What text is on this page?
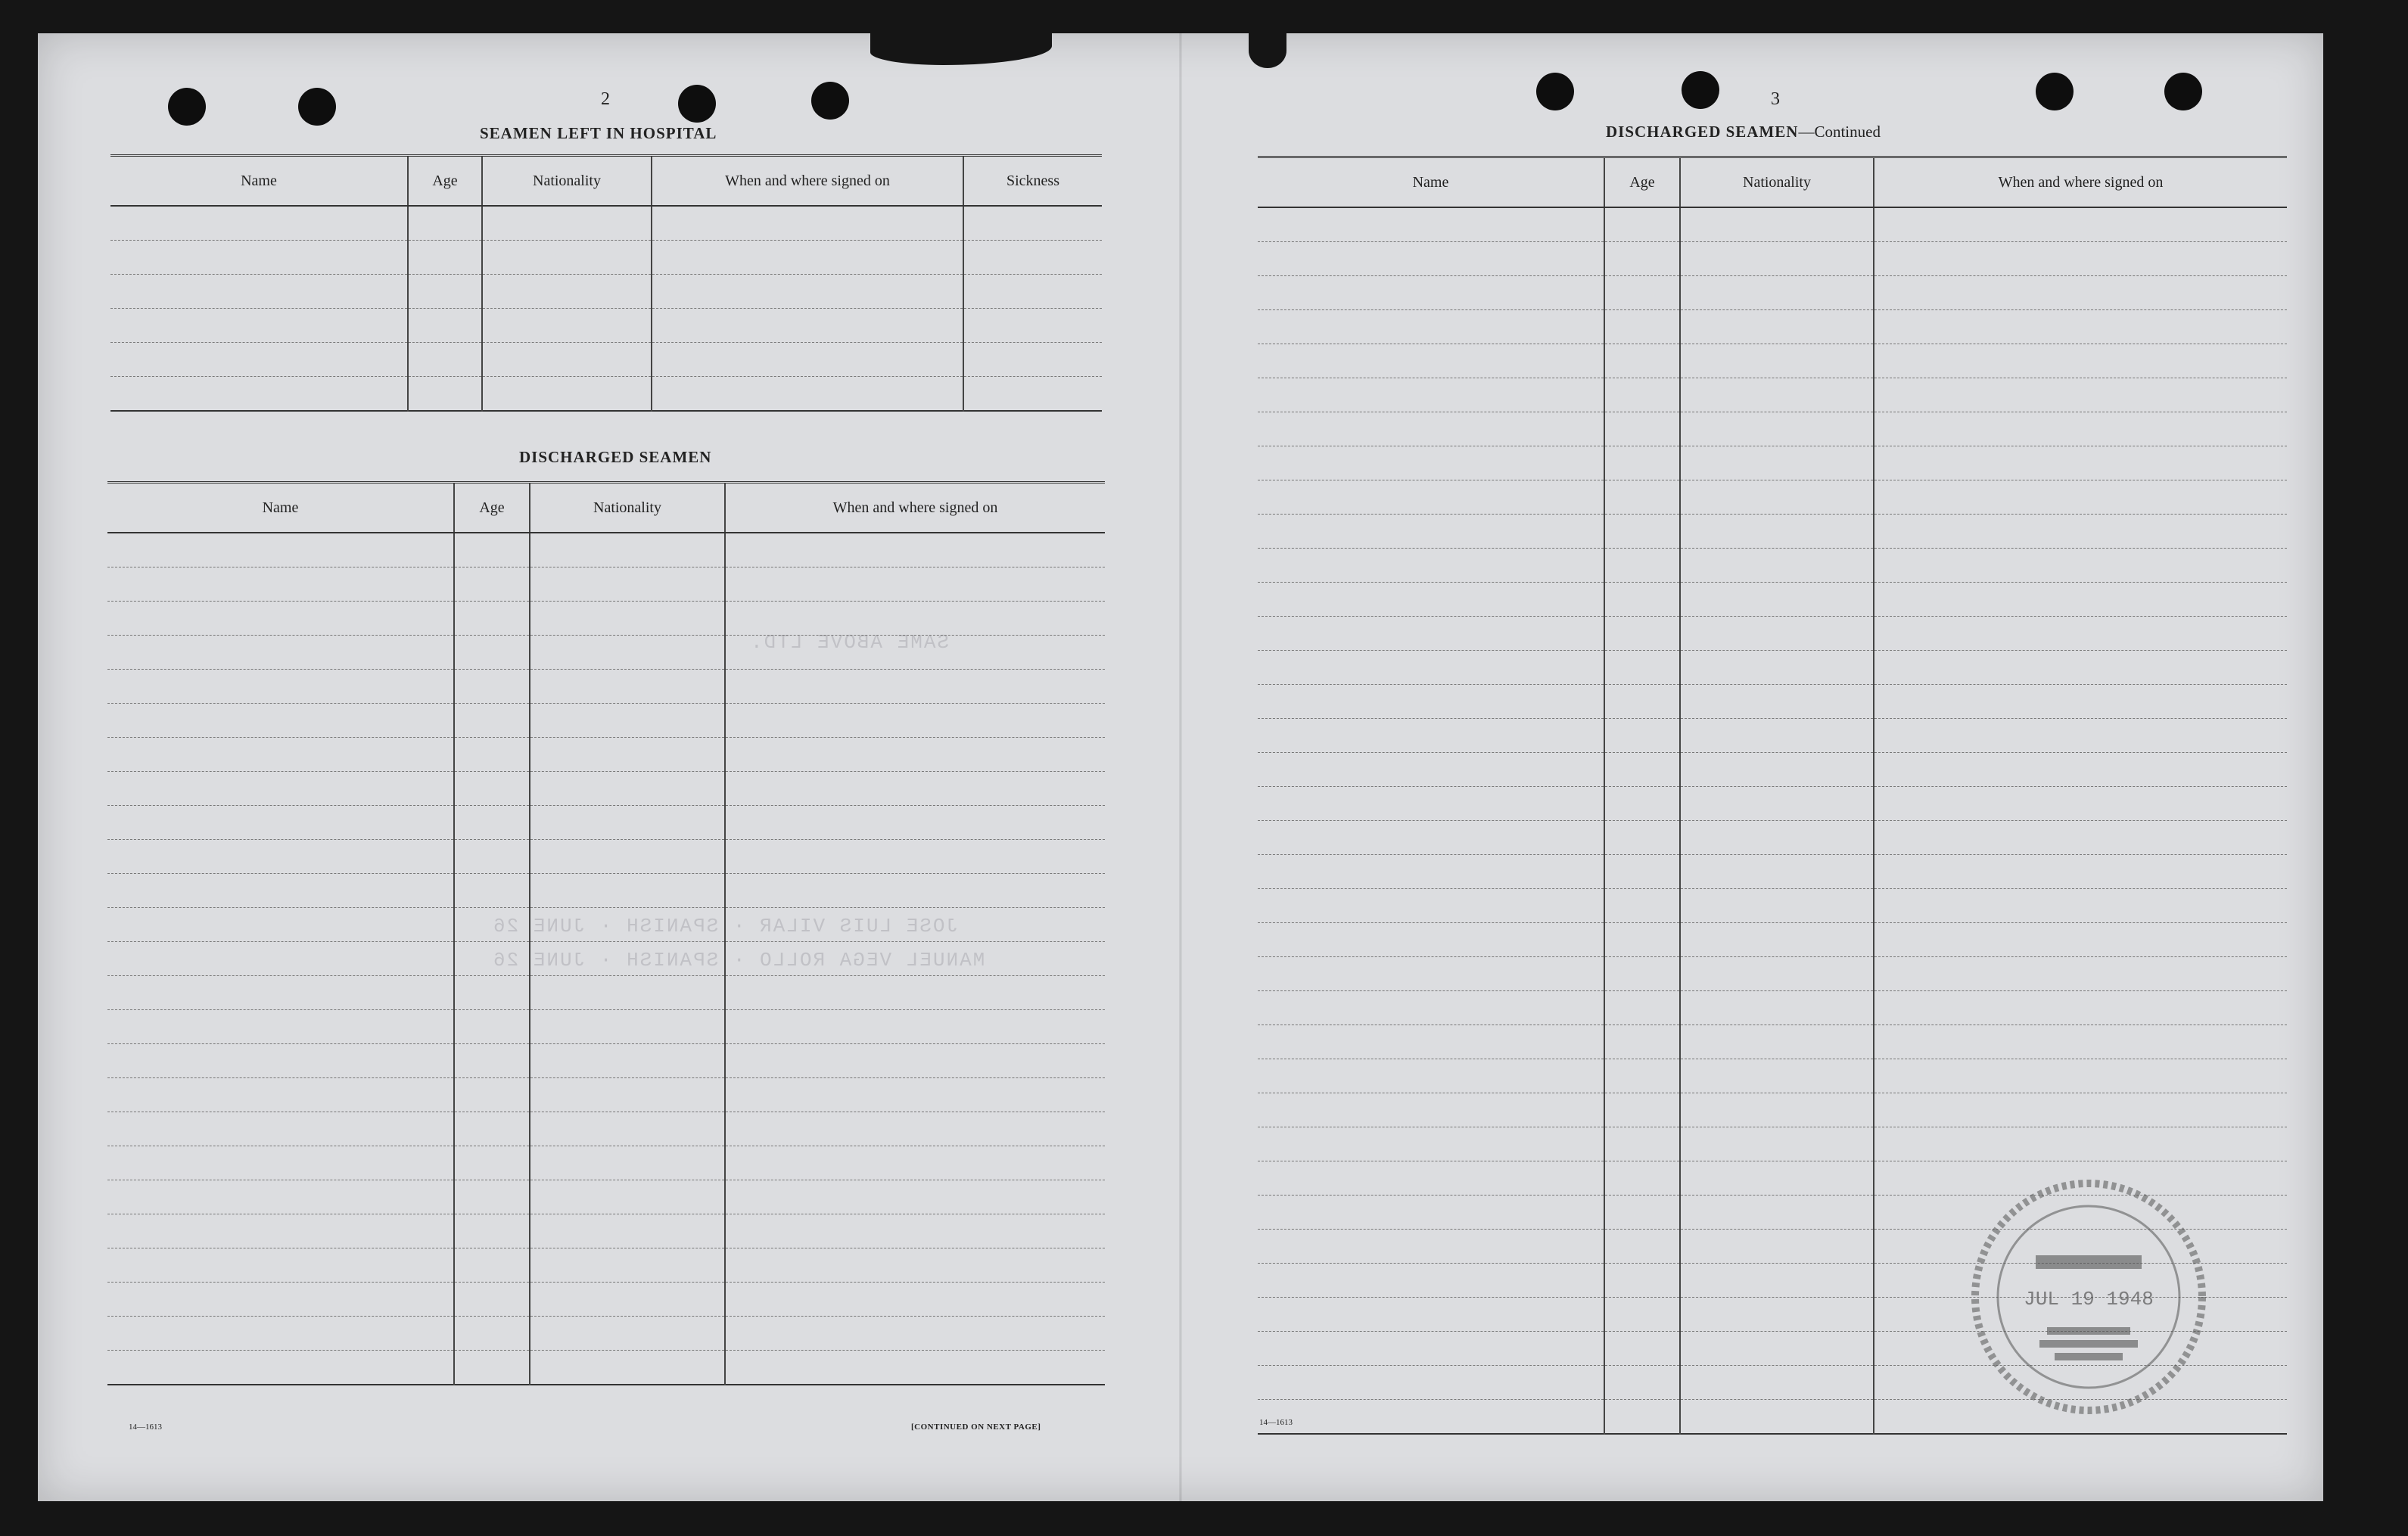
SAME ABOVE LTD.
JOSE LUIS VILAR · SPANISH · JUNE 26
MANUEL VEGA ROLLO · SPANISH · JUNE 26
2
SEAMEN LEFT IN HOSPITAL
Name	Age	Nationality	When and where signed on	Sickness

DISCHARGED SEAMEN
Name	Age	Nationality	When and where signed on

14—1613	[CONTINUED ON NEXT PAGE]
3
DISCHARGED SEAMEN—Continued
Name	Age	Nationality	When and where signed on

14—1613
JUL 19 1948
